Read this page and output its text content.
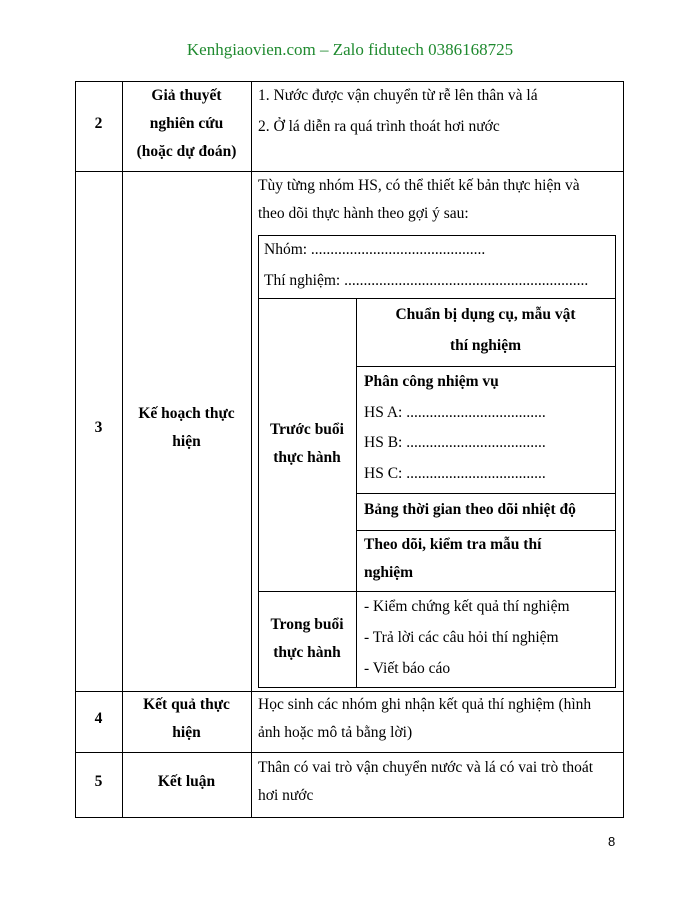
Kenhgiaovien.com – Zalo fidutech 0386168725
2
Giả thuyết
nghiên cứu
(hoặc dự đoán)
1. Nước được vận chuyển từ rễ lên thân và lá
2. Ở lá diễn ra quá trình thoát hơi nước
3
Kế hoạch thực
hiện
Tùy từng nhóm HS, có thể thiết kế bản thực hiện và
theo dõi thực hành theo gợi ý sau:
Nhóm: .............................................
Thí nghiệm: ...............................................................
Trước buổi
thực hành
Chuẩn bị dụng cụ, mẫu vật
thí nghiệm
Phân công nhiệm vụ
HS A: ....................................
HS B: ....................................
HS C: ....................................
Bảng thời gian theo dõi nhiệt độ
Theo dõi, kiểm tra mẫu thí
nghiệm
Trong buổi
thực hành
- Kiểm chứng kết quả thí nghiệm
- Trả lời các câu hỏi thí nghiệm
- Viết báo cáo
4
Kết quả thực
hiện
Học sinh các nhóm ghi nhận kết quả thí nghiệm (hình
ảnh hoặc mô tả bằng lời)
5	Kết luận
Thân có vai trò vận chuyển nước và lá có vai trò thoát
hơi nước
8
